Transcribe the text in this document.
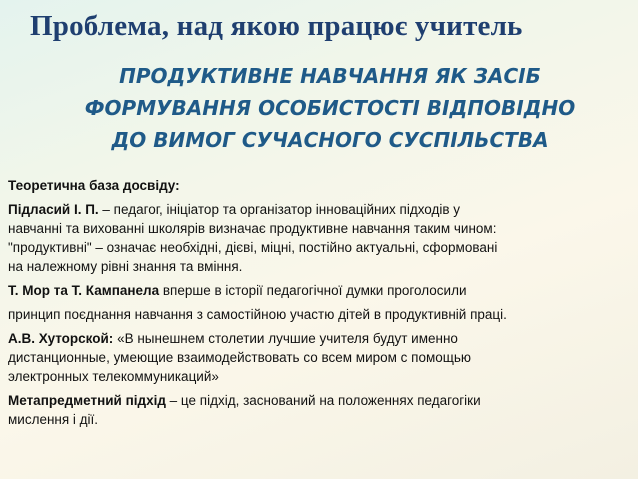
Проблема, над якою працює учитель
ПРОДУКТИВНЕ НАВЧАННЯ ЯК ЗАСІБ
ФОРМУВАННЯ ОСОБИСТОСТІ ВІДПОВІДНО
ДО ВИМОГ СУЧАСНОГО СУСПІЛЬСТВА

Теоретична база досвіду:

Підласий І. П. – педагог, ініціатор та організатор інноваційних підходів у
навчанні та вихованні школярів визначає продуктивне навчання таким чином:
"продуктивні" – означає необхідні, дієві, міцні, постійно актуальні, сформовані
на належному рівні знання та вміння.

Т. Мор та Т. Кампанела вперше в історії педагогічної думки проголосили

принцип поєднання навчання з самостійною участю дітей в продуктивній праці.

А.В. Хуторской: «В нынешнем столетии лучшие учителя будут именно
дистанционные, умеющие взаимодействовать со всем миром с помощью
электронных телекоммуникаций»

Метапредметний підхід – це підхід, заснований на положеннях педагогіки
мислення і дії.
